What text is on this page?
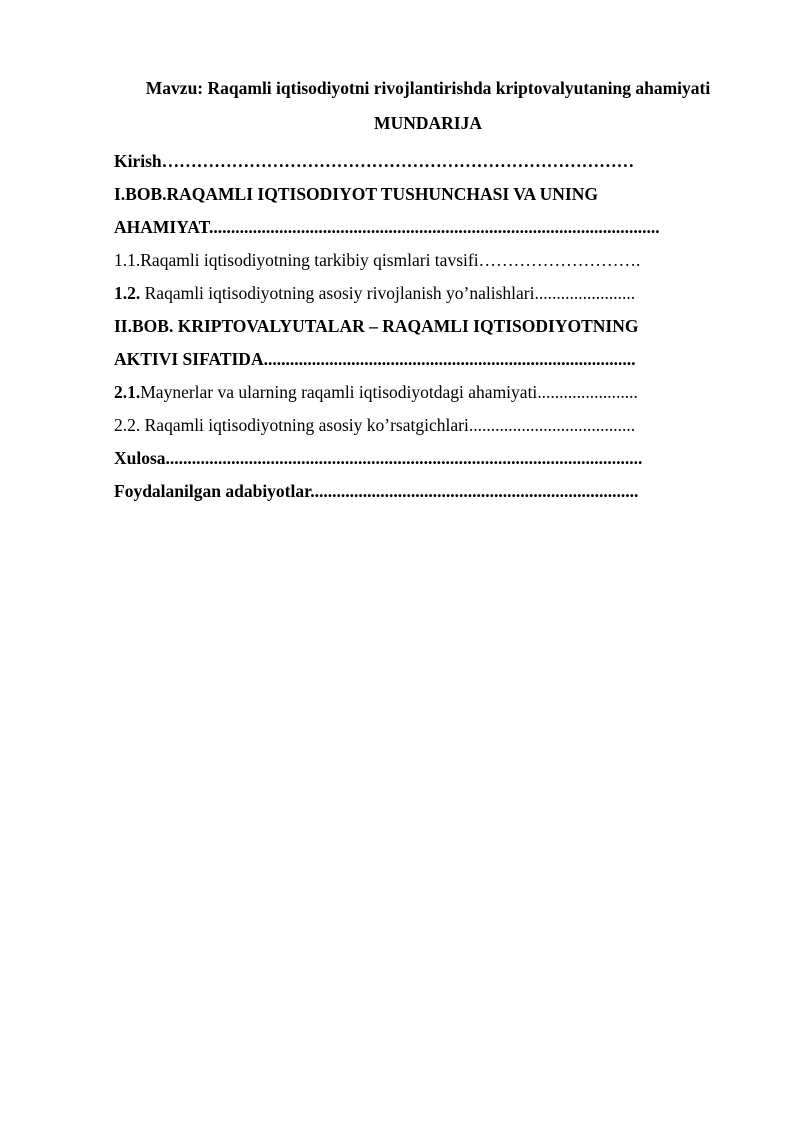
Mavzu: Raqamli iqtisodiyotni rivojlantirishda kriptovalyutaning ahamiyati
MUNDARIJA
Kirish………………………………………………………………………
I.BOB.RAQAMLI IQTISODIYOT TUSHUNCHASI VA UNING
AHAMIYAT.......................................................................................................
1.1.Raqamli iqtisodiyotning tarkibiy qismlari tavsifi……………………….
1.2. Raqamli iqtisodiyotning asosiy rivojlanish yo’nalishlari.......................
II.BOB. KRIPTOVALYUTALAR – RAQAMLI IQTISODIYOTNING
AKTIVI SIFATIDA.....................................................................................
2.1.Maynerlar va ularning raqamli iqtisodiyotdagi ahamiyati.......................
2.2. Raqamli iqtisodiyotning asosiy ko’rsatgichlari......................................
Xulosa.............................................................................................................
Foydalanilgan adabiyotlar...........................................................................
